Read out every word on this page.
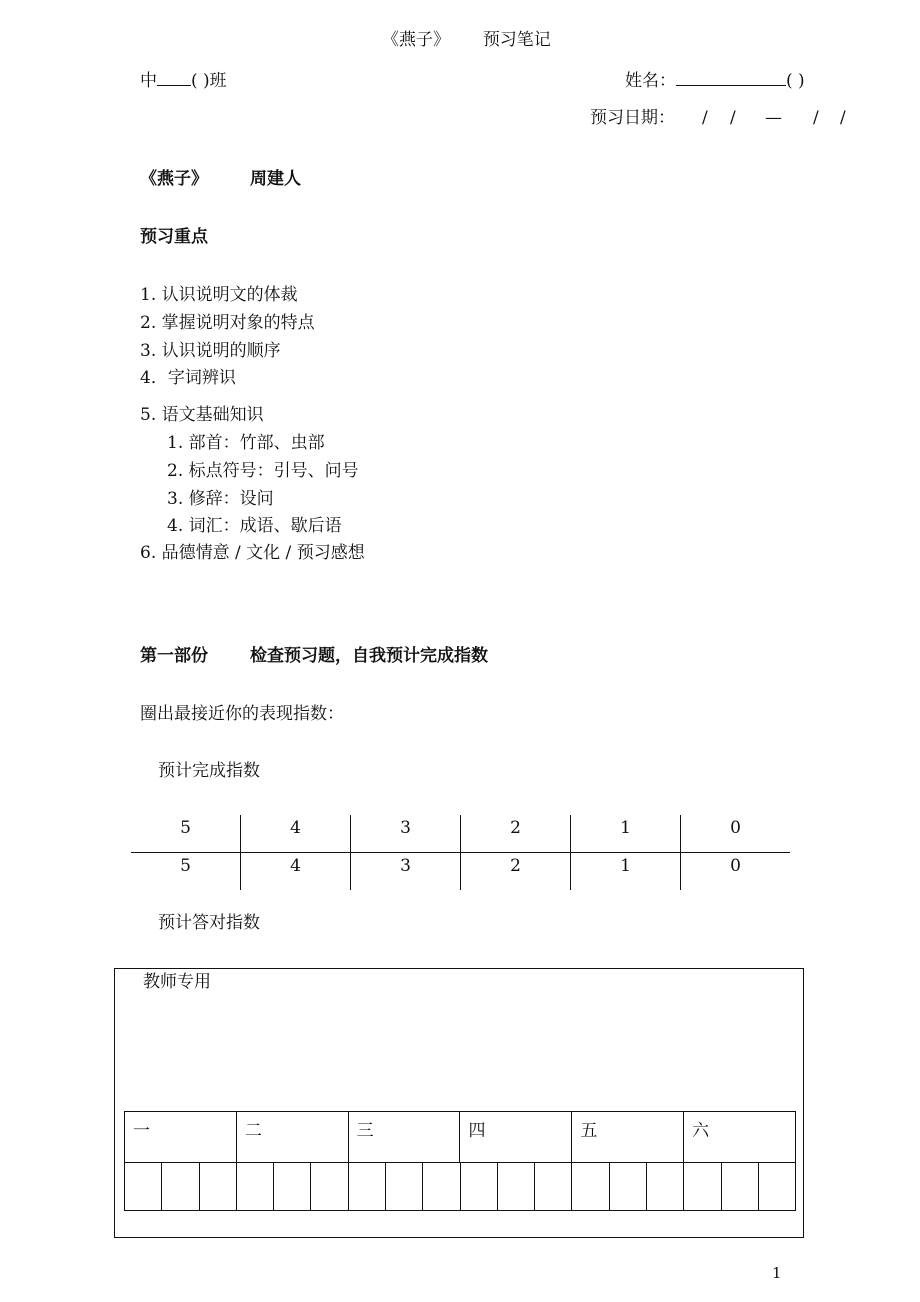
《燕子》 预习笔记
中 ( )班	姓名：	( )
预习日期： / / — / /
《燕子》 周建人
预习重点
1. 认识说明文的体裁
2. 掌握说明对象的特点
3. 认识说明的顺序
4．字词辨识
5. 语文基础知识
1. 部首：竹部、虫部
2. 标点符号：引号、问号
3. 修辞：设问
4. 词汇：成语、歇后语
6. 品德情意 / 文化 / 预习感想
第一部份 检查预习题，自我预计完成指数
圈出最接近你的表现指数：
预计完成指数
5	4	3	2	1	0
5	4	3	2	1	0
预计答对指数
教师专用
一	二	三	四	五	六
1
